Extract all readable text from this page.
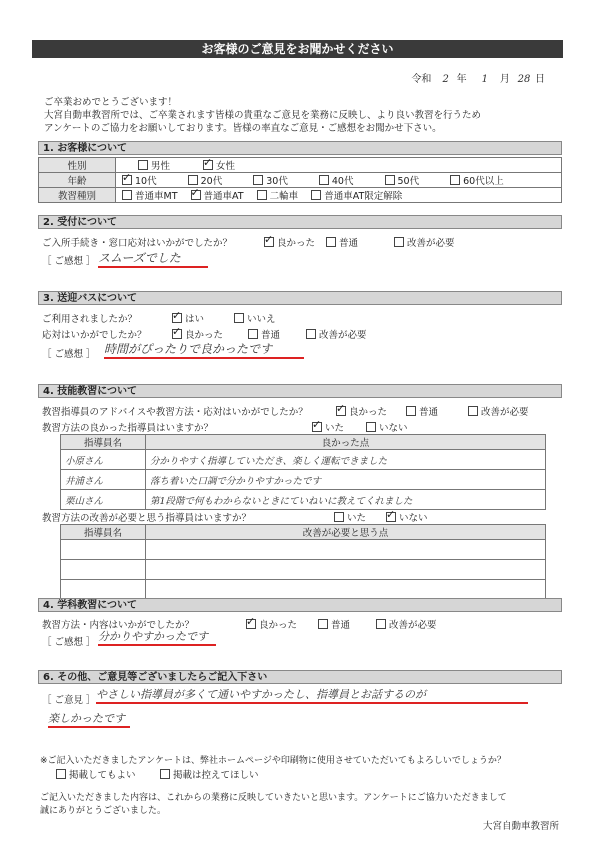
お客様のご意見をお聞かせください
令和 2 年 1 月 28 日
ご卒業おめでとうございます！
大宮自動車教習所では、ご卒業されます皆様の貴重なご意見を業務に反映し、より良い教習を行うため
アンケートのご協力をお願いしております。皆様の率直なご意見・ご感想をお聞かせ下さい。
1. お客様について
性別	男性 ✓ 女性
年齢	✓10代 20代 30代 40代 50代 60代以上
教習種別	普通車MT ✓ 普通車AT 二輪車 普通車AT限定解除
2. 受付について
ご入所手続き・窓口応対はいかがでしたか？ ✓	良かった	普通	改善が必要
［ ご感想 ］ スムーズでした
3. 送迎バスについて
ご利用されましたか？ ✓	はい	いいえ
応対はいかがでしたか？ ✓	良かった	普通	改善が必要
［ ご感想 ］ 時間がぴったりで良かったです
4. 技能教習について
教習指導員のアドバイスや教習方法・応対はいかがでしたか？ ✓	良かった	普通	改善が必要
教習方法の良かった指導員はいますか？ ✓	いた	いない
指導員名	良かった点
小原さん	分かりやすく指導していただき、楽しく運転できました
井浦さん	落ち着いた口調で分かりやすかったです
栗山さん	第1段階で何もわからないときにていねいに教えてくれました
教習方法の改善が必要と思う指導員はいますか？	いた ✓	いない
指導員名	改善が必要と思う点

4. 学科教習について
教習方法・内容はいかがでしたか？ ✓	良かった	普通	改善が必要
［ ご感想 ］ 分かりやすかったです
6. その他、ご意見等ございましたらご記入下さい
［ ご意見 ］ やさしい指導員が多くて通いやすかったし、指導員とお話するのが
楽しかったです
※ご記入いただきましたアンケートは、弊社ホームページや印刷物に使用させていただいてもよろしいでしょうか？
掲載してもよい	掲載は控えてほしい
ご記入いただきました内容は、これからの業務に反映していきたいと思います。アンケートにご協力いただきまして
誠にありがとうございました。
大宮自動車教習所
